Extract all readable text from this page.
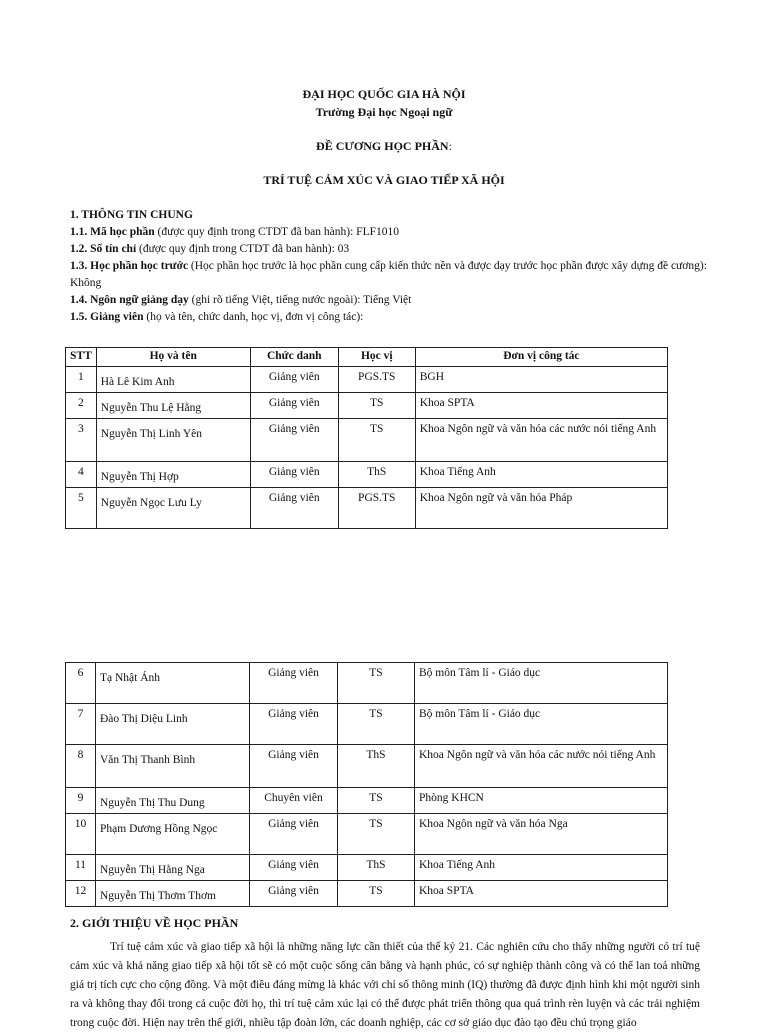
ĐẠI HỌC QUỐC GIA HÀ NỘI
Trường Đại học Ngoại ngữ
ĐỀ CƯƠNG HỌC PHẦN:
TRÍ TUỆ CẢM XÚC VÀ GIAO TIẾP XÃ HỘI

1. THÔNG TIN CHUNG

1.1. Mã học phần (được quy định trong CTDT đã ban hành): FLF1010

1.2. Số tín chỉ (được quy định trong CTDT đã ban hành): 03

1.3. Học phần học trước (Học phần học trước là học phần cung cấp kiến thức nền và được dạy trước học phần được xây dựng đề cương): Không

1.4. Ngôn ngữ giảng dạy (ghi rõ tiếng Việt, tiếng nước ngoài): Tiếng Việt

1.5. Giảng viên (họ và tên, chức danh, học vị, đơn vị công tác):

STT	Họ và tên	Chức danh	Học vị	Đơn vị công tác
1	Hà Lê Kim Anh	Giảng viên	PGS.TS	BGH
2	Nguyễn Thu Lệ Hằng	Giảng viên	TS	Khoa SPTA
3	Nguyễn Thị Linh Yên	Giảng viên	TS	Khoa Ngôn ngữ và văn hóa các nước nói tiếng Anh
4	Nguyễn Thị Hợp	Giảng viên	ThS	Khoa Tiếng Anh
5	Nguyễn Ngọc Lưu Ly	Giảng viên	PGS.TS	Khoa Ngôn ngữ và văn hóa Pháp
6	Tạ Nhật Ánh	Giảng viên	TS	Bộ môn Tâm lí - Giáo dục
7	Đào Thị Diệu Linh	Giảng viên	TS	Bộ môn Tâm lí - Giáo dục
8	Văn Thị Thanh Bình	Giảng viên	ThS	Khoa Ngôn ngữ và văn hóa các nước nói tiếng Anh
9	Nguyễn Thị Thu Dung	Chuyên viên	TS	Phòng KHCN
10	Phạm Dương Hồng Ngọc	Giảng viên	TS	Khoa Ngôn ngữ và văn hóa Nga
11	Nguyễn Thị Hằng Nga	Giảng viên	ThS	Khoa Tiếng Anh
12	Nguyễn Thị Thơm Thơm	Giảng viên	TS	Khoa SPTA
2. GIỚI THIỆU VỀ HỌC PHẦN

Trí tuệ cảm xúc và giao tiếp xã hội là những năng lực cần thiết của thế kỷ 21. Các nghiên cứu cho thấy những người có trí tuệ cảm xúc và khả năng giao tiếp xã hội tốt sẽ có một cuộc sống cân bằng và hạnh phúc, có sự nghiệp thành công và có thể lan toả những giá trị tích cực cho cộng đồng. Và một điều đáng mừng là khác với chỉ số thông minh (IQ) thường đã được định hình khi một người sinh ra và không thay đổi trong cả cuộc đời họ, thì trí tuệ cảm xúc lại có thể được phát triển thông qua quá trình rèn luyện và các trải nghiệm trong cuộc đời. Hiện nay trên thế giới, nhiều tập đoàn lớn, các doanh nghiệp, các cơ sở giáo dục đào tạo đều chú trọng giáo
